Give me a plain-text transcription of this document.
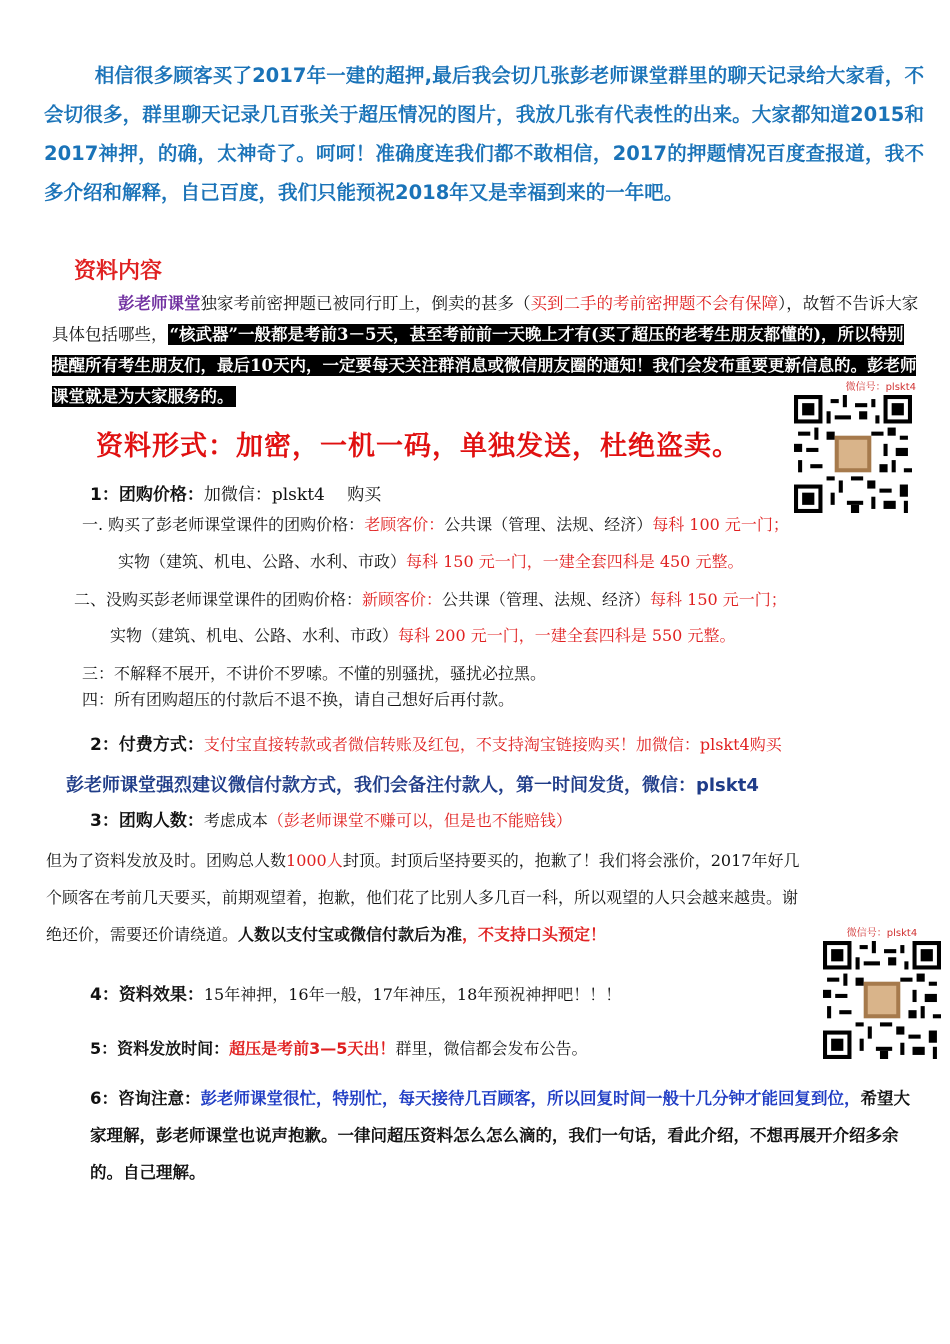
相信很多顾客买了2017年一建的超押,最后我会切几张彭老师课堂群里的聊天记录给大家看，不会切很多，群里聊天记录几百张关于超压情况的图片，我放几张有代表性的出来。大家都知道2015和2017神押，的确，太神奇了。呵呵！准确度连我们都不敢相信，2017的押题情况百度查报道，我不多介绍和解释，自己百度，我们只能预祝2018年又是幸福到来的一年吧。

资料内容

彭老师课堂独家考前密押题已被同行盯上，倒卖的甚多（买到二手的考前密押题不会有保障），故暂不告诉大家具体包括哪些， “核武器”一般都是考前3－5天，甚至考前前一天晚上才有(买了超压的老考生朋友都懂的)，所以特别提醒所有考生朋友们，最后10天内，一定要每天关注群消息或微信朋友圈的通知！我们会发布重要更新信息的。彭老师课堂就是为大家服务的。	微信号：plskt4
资料形式：加密，一机一码，单独发送，杜绝盗卖。
1：团购价格：加微信：plskt4　 购买
一. 购买了彭老师课堂课件的团购价格：老顾客价：公共课（管理、法规、经济）每科 100 元一门；
实物（建筑、机电、公路、水利、市政）每科 150 元一门，一建全套四科是 450 元整。
二、没购买彭老师课堂课件的团购价格：新顾客价：公共课（管理、法规、经济）每科 150 元一门；
实物（建筑、机电、公路、水利、市政）每科 200 元一门，一建全套四科是 550 元整。
三：不解释不展开，不讲价不罗嗦。不懂的别骚扰，骚扰必拉黑。
四：所有团购超压的付款后不退不换，请自己想好后再付款。
2：付费方式：支付宝直接转款或者微信转账及红包，不支持淘宝链接购买！加微信：plskt4购买
彭老师课堂强烈建议微信付款方式，我们会备注付款人，第一时间发货，微信：plskt4
3：团购人数：考虑成本（彭老师课堂不赚可以，但是也不能赔钱）

但为了资料发放及时。团购总人数1000人封顶。封顶后坚持要买的，抱歉了！我们将会涨价，2017年好几个顾客在考前几天要买，前期观望着，抱歉，他们花了比别人多几百一科，所以观望的人只会越来越贵。谢绝还价，需要还价请绕道。人数以支付宝或微信付款后为准，不支持口头预定！	微信号：plskt4
4：资料效果：15年神押，16年一般，17年神压，18年预祝神押吧！！！
5：资料发放时间：超压是考前3—5天出！群里，微信都会发布公告。

6：咨询注意：彭老师课堂很忙，特别忙，每天接待几百顾客，所以回复时间一般十几分钟才能回复到位，希望大家理解，彭老师课堂也说声抱歉。一律问超压资料怎么怎么滴的，我们一句话，看此介绍，不想再展开介绍多余的。自己理解。
